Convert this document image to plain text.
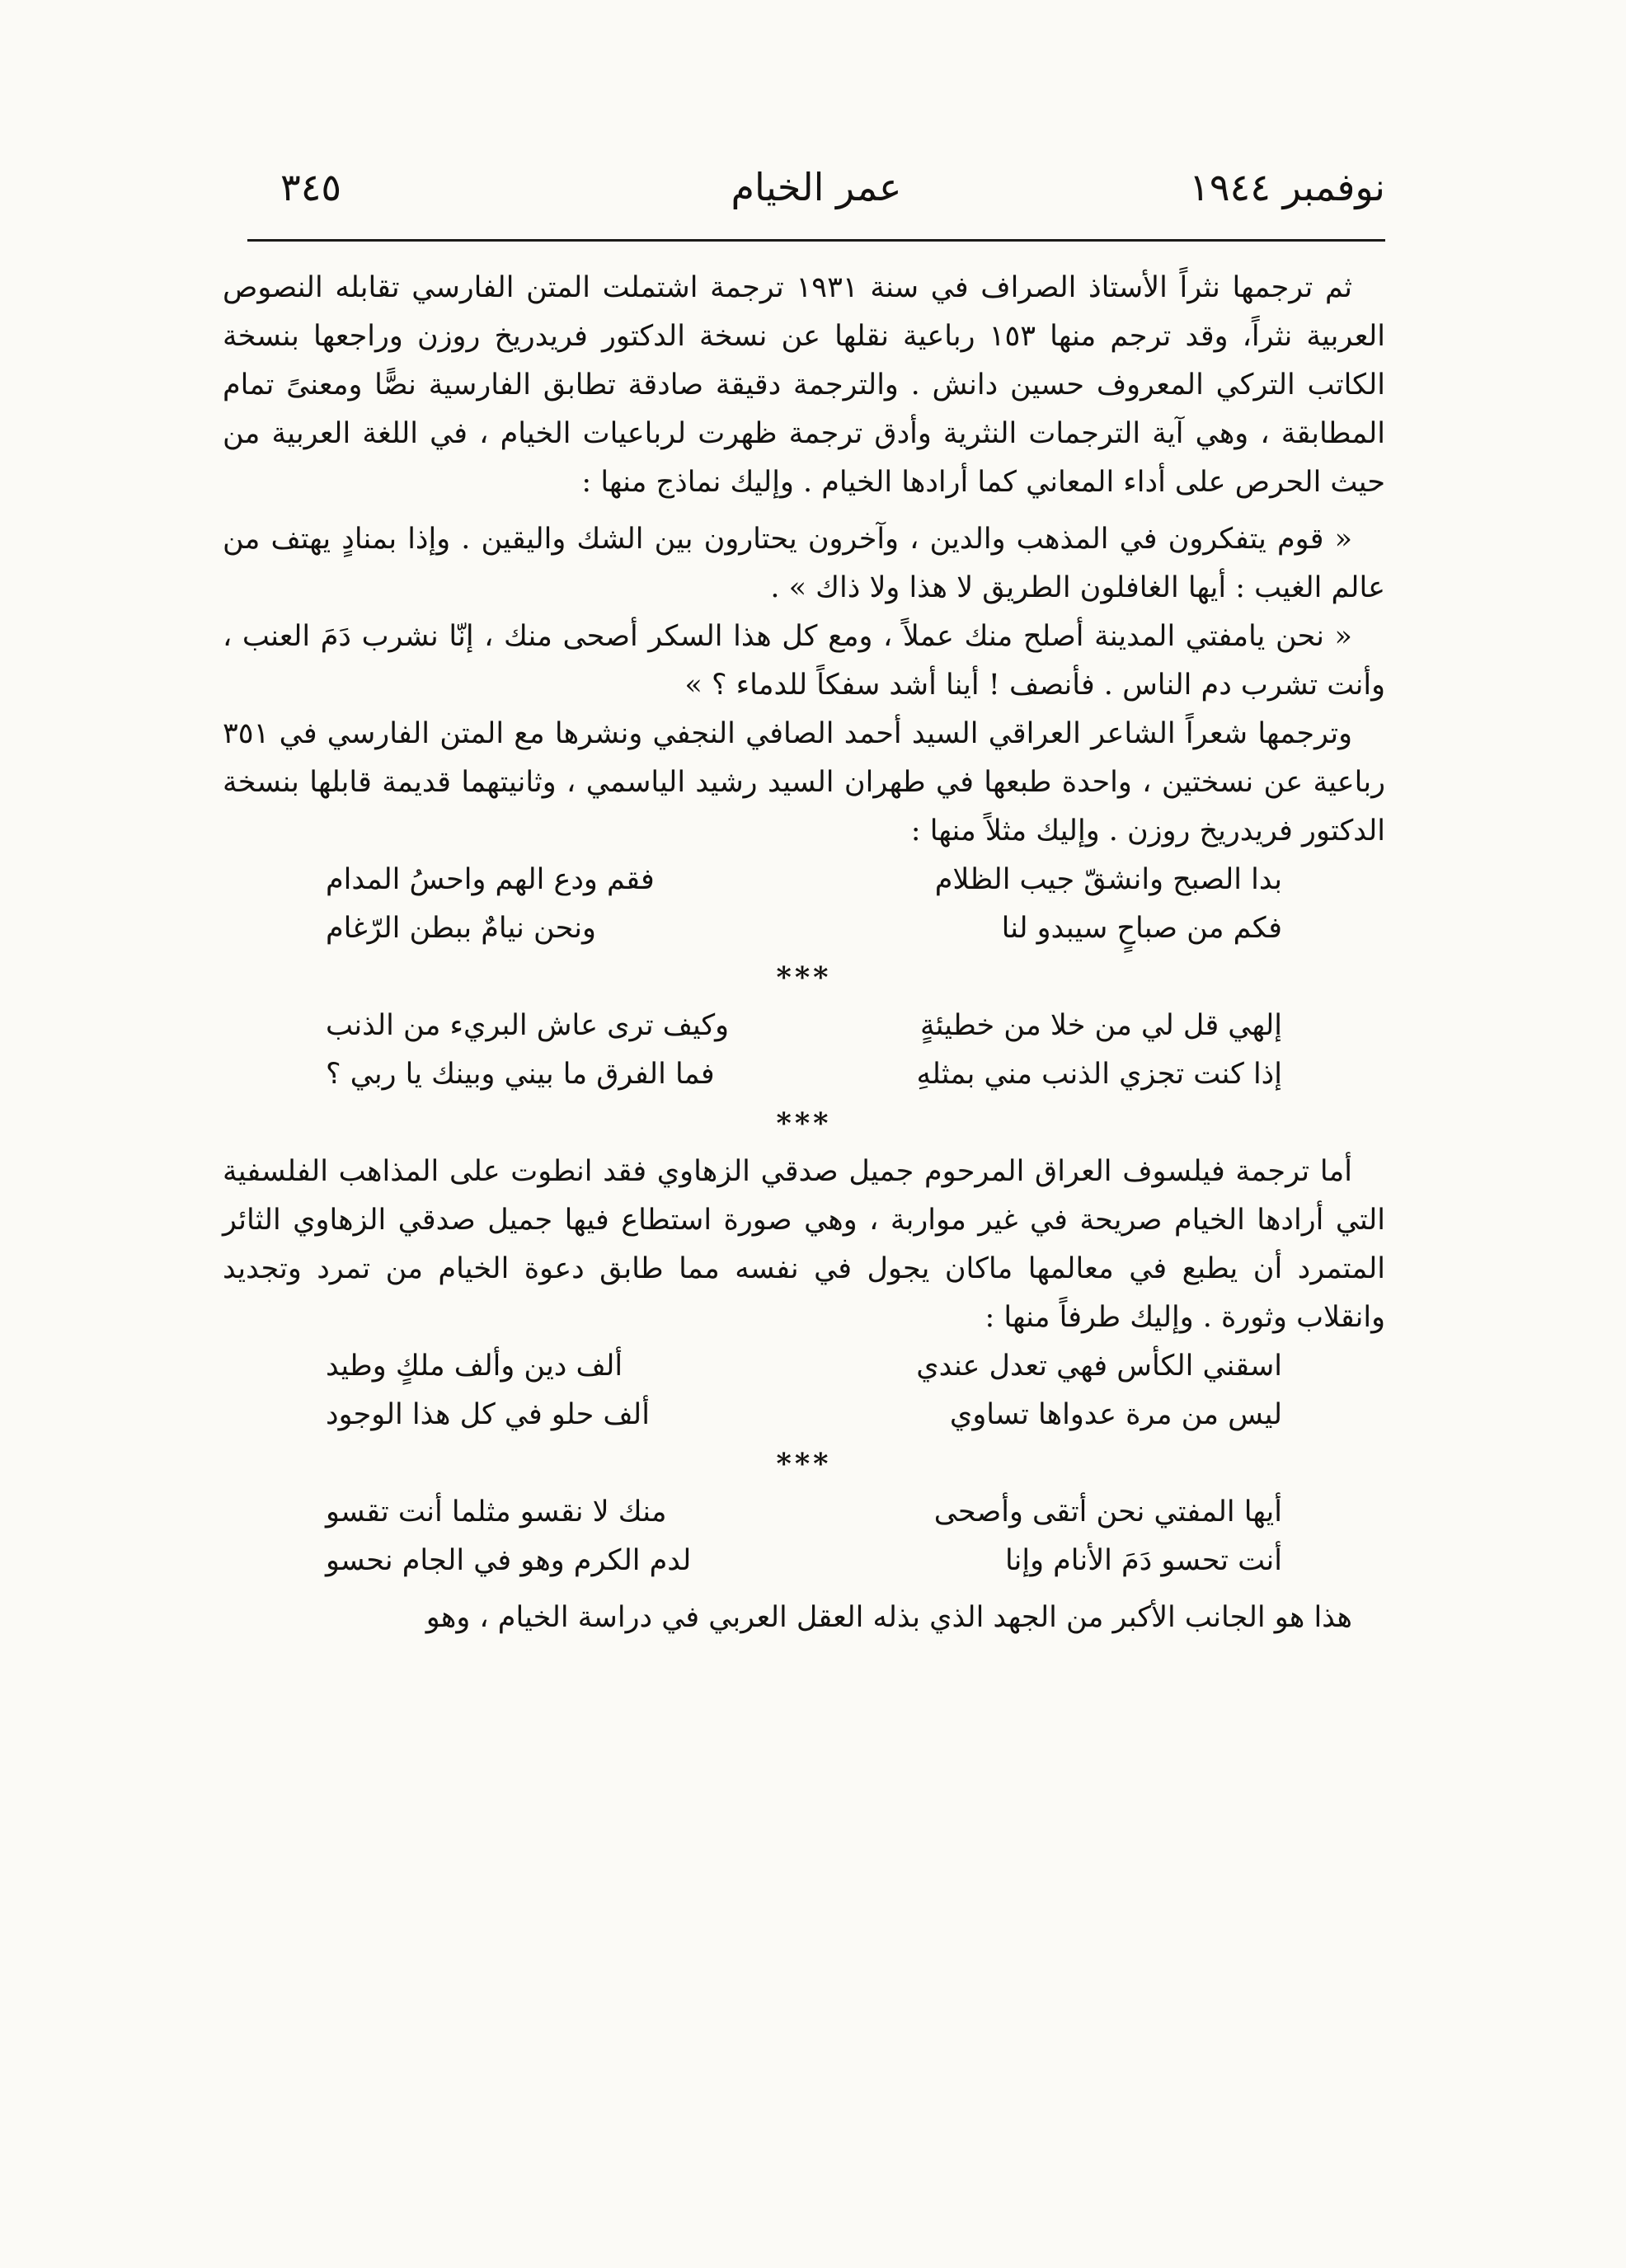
نوفمبر ١٩٤٤
عمر الخيام
٣٤٥

ثم ترجمها نثراً الأستاذ الصراف في سنة ١٩٣١ ترجمة اشتملت المتن الفارسي تقابله النصوص العربية نثراً، وقد ترجم منها ١٥٣ رباعية نقلها عن نسخة الدكتور فريدريخ روزن وراجعها بنسخة الكاتب التركي المعروف حسين دانش . والترجمة دقيقة صادقة تطابق الفارسية نصًّا ومعنىً تمام المطابقة ، وهي آية الترجمات النثرية وأدق ترجمة ظهرت لرباعيات الخيام ، في اللغة العربية من حيث الحرص على أداء المعاني كما أرادها الخيام . وإليك نماذج منها :

« قوم يتفكرون في المذهب والدين ، وآخرون يحتارون بين الشك واليقين . وإذا بمنادٍ يهتف من عالم الغيب : أيها الغافلون الطريق لا هذا ولا ذاك » .

« نحن يامفتي المدينة أصلح منك عملاً ، ومع كل هذا السكر أصحى منك ، إنّا نشرب دَمَ العنب ، وأنت تشرب دم الناس . فأنصف ! أينا أشد سفكاً للدماء ؟ »

وترجمها شعراً الشاعر العراقي السيد أحمد الصافي النجفي ونشرها مع المتن الفارسي في ٣٥١ رباعية عن نسختين ، واحدة طبعها في طهران السيد رشيد الياسمي ، وثانيتهما قديمة قابلها بنسخة الدكتور فريدريخ روزن . وإليك مثلاً منها :

بدا الصبح وانشقّ جيب الظلام
فقم ودع الهم واحسُ المدام
فكم من صباحٍ سيبدو لنا
ونحن نيامٌ ببطن الرّغام
***
إلهي قل لي من خلا من خطيئةٍ
وكيف ترى عاش البريء من الذنب
إذا كنت تجزي الذنب مني بمثلهِ
فما الفرق ما بيني وبينك يا ربي ؟
***

أما ترجمة فيلسوف العراق المرحوم جميل صدقي الزهاوي فقد انطوت على المذاهب الفلسفية التي أرادها الخيام صريحة في غير مواربة ، وهي صورة استطاع فيها جميل صدقي الزهاوي الثائر المتمرد أن يطبع في معالمها ماكان يجول في نفسه مما طابق دعوة الخيام من تمرد وتجديد وانقلاب وثورة . وإليك طرفاً منها :

اسقني الكأس فهي تعدل عندي
ألف دين وألف ملكٍ وطيد
ليس من مرة عدواها تساوي
ألف حلو في كل هذا الوجود
***
أيها المفتي نحن أتقى وأصحى
منك لا نقسو مثلما أنت تقسو
أنت تحسو دَمَ الأنام وإنا
لدم الكرم وهو في الجام نحسو

هذا هو الجانب الأكبر من الجهد الذي بذله العقل العربي في دراسة الخيام ، وهو
